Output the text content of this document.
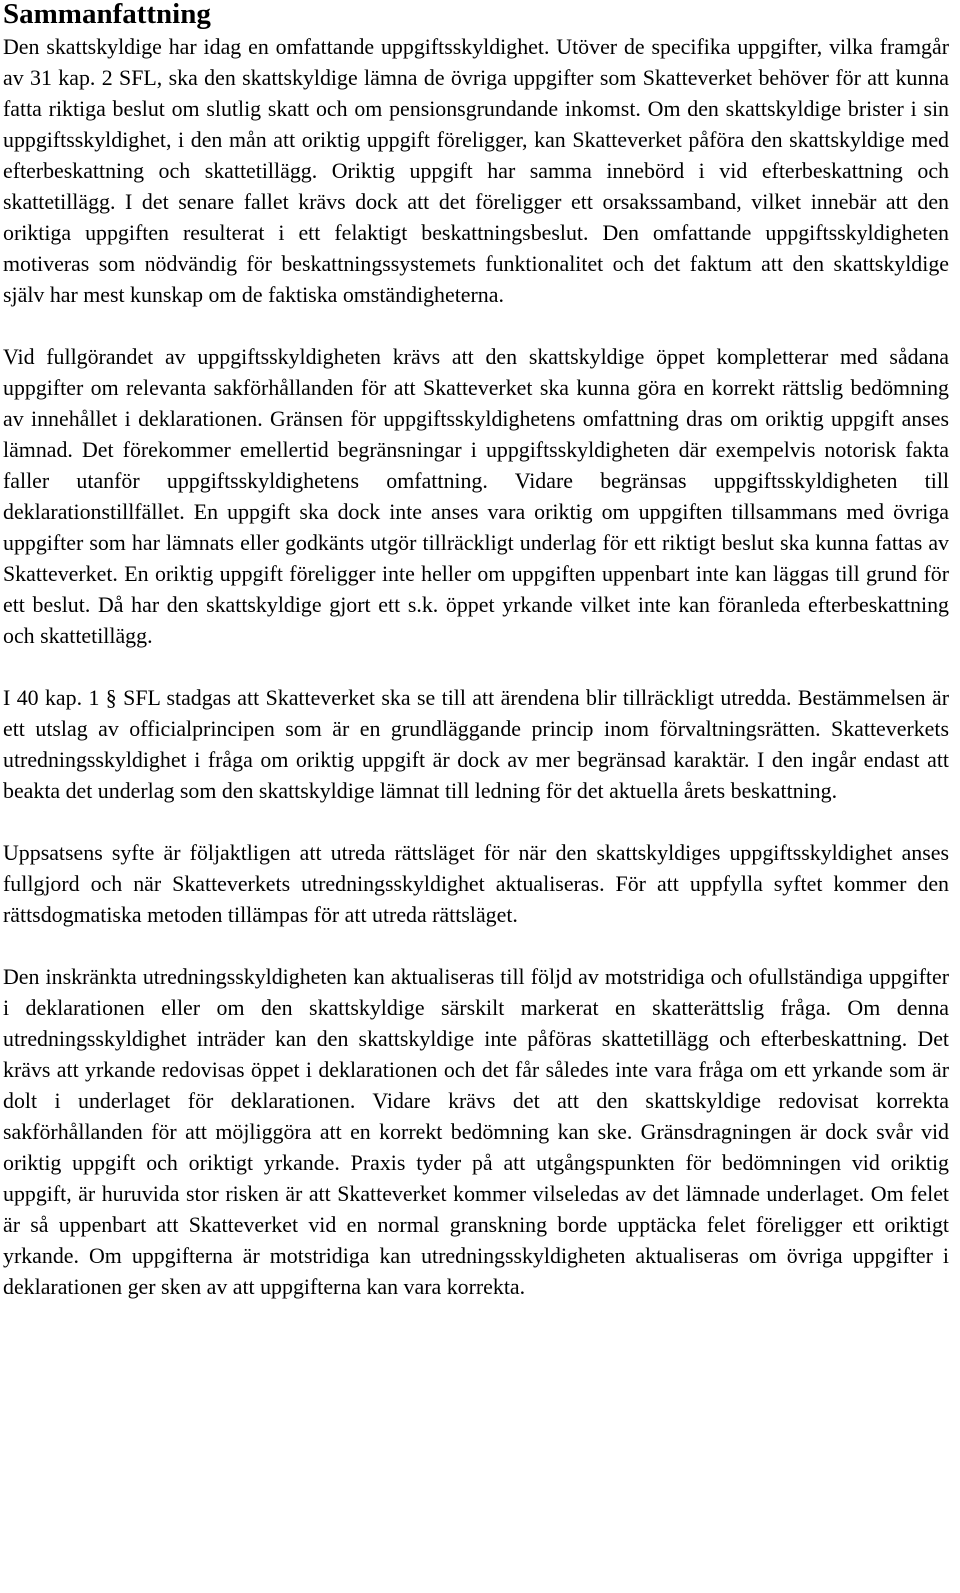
Sammanfattning

Den skattskyldige har idag en omfattande uppgiftsskyldighet. Utöver de specifika uppgifter, vilka framgår av 31 kap. 2 SFL, ska den skattskyldige lämna de övriga uppgifter som Skatteverket behöver för att kunna fatta riktiga beslut om slutlig skatt och om pensionsgrundande inkomst. Om den skattskyldige brister i sin uppgiftsskyldighet, i den mån att oriktig uppgift föreligger, kan Skatteverket påföra den skattskyldige med efterbeskattning och skattetillägg. Oriktig uppgift har samma innebörd i vid efterbeskattning och skattetillägg. I det senare fallet krävs dock att det föreligger ett orsakssamband, vilket innebär att den oriktiga uppgiften resulterat i ett felaktigt beskattningsbeslut. Den omfattande uppgiftsskyldigheten motiveras som nödvändig för beskattningssystemets funktionalitet och det faktum att den skattskyldige själv har mest kunskap om de faktiska omständigheterna.

Vid fullgörandet av uppgiftsskyldigheten krävs att den skattskyldige öppet kompletterar med sådana uppgifter om relevanta sakförhållanden för att Skatteverket ska kunna göra en korrekt rättslig bedömning av innehållet i deklarationen. Gränsen för uppgiftsskyldighetens omfattning dras om oriktig uppgift anses lämnad. Det förekommer emellertid begränsningar i uppgiftsskyldigheten där exempelvis notorisk fakta faller utanför uppgiftsskyldighetens omfattning. Vidare begränsas uppgiftsskyldigheten till deklarationstillfället. En uppgift ska dock inte anses vara oriktig om uppgiften tillsammans med övriga uppgifter som har lämnats eller godkänts utgör tillräckligt underlag för ett riktigt beslut ska kunna fattas av Skatteverket. En oriktig uppgift föreligger inte heller om uppgiften uppenbart inte kan läggas till grund för ett beslut. Då har den skattskyldige gjort ett s.k. öppet yrkande vilket inte kan föranleda efterbeskattning och skattetillägg.

I 40 kap. 1 § SFL stadgas att Skatteverket ska se till att ärendena blir tillräckligt utredda. Bestämmelsen är ett utslag av officialprincipen som är en grundläggande princip inom förvaltningsrätten. Skatteverkets utredningsskyldighet i fråga om oriktig uppgift är dock av mer begränsad karaktär. I den ingår endast att beakta det underlag som den skattskyldige lämnat till ledning för det aktuella årets beskattning.

Uppsatsens syfte är följaktligen att utreda rättsläget för när den skattskyldiges uppgiftsskyldighet anses fullgjord och när Skatteverkets utredningsskyldighet aktualiseras. För att uppfylla syftet kommer den rättsdogmatiska metoden tillämpas för att utreda rättsläget.

Den inskränkta utredningsskyldigheten kan aktualiseras till följd av motstridiga och ofullständiga uppgifter i deklarationen eller om den skattskyldige särskilt markerat en skatterättslig fråga. Om denna utredningsskyldighet inträder kan den skattskyldige inte påföras skattetillägg och efterbeskattning. Det krävs att yrkande redovisas öppet i deklarationen och det får således inte vara fråga om ett yrkande som är dolt i underlaget för deklarationen. Vidare krävs det att den skattskyldige redovisat korrekta sakförhållanden för att möjliggöra att en korrekt bedömning kan ske. Gränsdragningen är dock svår vid oriktig uppgift och oriktigt yrkande. Praxis tyder på att utgångspunkten för bedömningen vid oriktig uppgift, är huruvida stor risken är att Skatteverket kommer vilseledas av det lämnade underlaget. Om felet är så uppenbart att Skatteverket vid en normal granskning borde upptäcka felet föreligger ett oriktigt yrkande. Om uppgifterna är motstridiga kan utredningsskyldigheten aktualiseras om övriga uppgifter i deklarationen ger sken av att uppgifterna kan vara korrekta.
